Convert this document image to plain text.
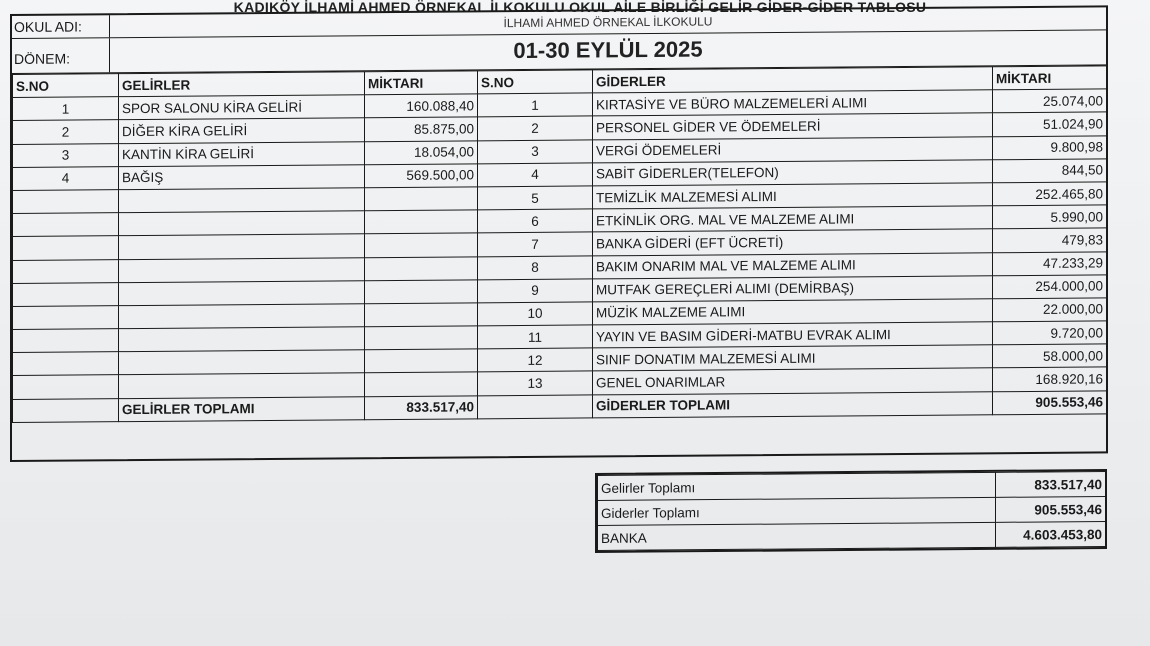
KADIKÖY İLHAMİ AHMED ÖRNEKAL İLKOKULU OKUL AİLE BİRLİĞİ GELİR GİDER-GİDER TABLOSU
OKUL ADI:	İLHAMİ AHMED ÖRNEKAL İLKOKULU
DÖNEM:	01-30 EYLÜL 2025
S.NO	GELİRLER	MİKTARI	S.NO	GİDERLER	MİKTARI
1	SPOR SALONU KİRA GELİRİ	160.088,40	1	KIRTASİYE VE BÜRO MALZEMELERİ ALIMI	25.074,00
2	DİĞER KİRA GELİRİ	85.875,00	2	PERSONEL GİDER VE ÖDEMELERİ	51.024,90
3	KANTİN KİRA GELİRİ	18.054,00	3	VERGİ ÖDEMELERİ	9.800,98
4	BAĞIŞ	569.500,00	4	SABİT GİDERLER(TELEFON)	844,50
			5	TEMİZLİK MALZEMESİ ALIMI	252.465,80
			6	ETKİNLİK ORG. MAL VE MALZEME ALIMI	5.990,00
			7	BANKA GİDERİ (EFT ÜCRETİ)	479,83
			8	BAKIM ONARIM MAL VE MALZEME ALIMI	47.233,29
			9	MUTFAK GEREÇLERİ ALIMI (DEMİRBAŞ)	254.000,00
			10	MÜZİK MALZEME ALIMI	22.000,00
			11	YAYIN VE BASIM GİDERİ-MATBU EVRAK ALIMI	9.720,00
			12	SINIF DONATIM MALZEMESİ ALIMI	58.000,00
			13	GENEL ONARIMLAR	168.920,16
	GELİRLER TOPLAMI	833.517,40		GİDERLER TOPLAMI	905.553,46
Gelirler Toplamı	833.517,40
Giderler Toplamı	905.553,46
BANKA	4.603.453,80
